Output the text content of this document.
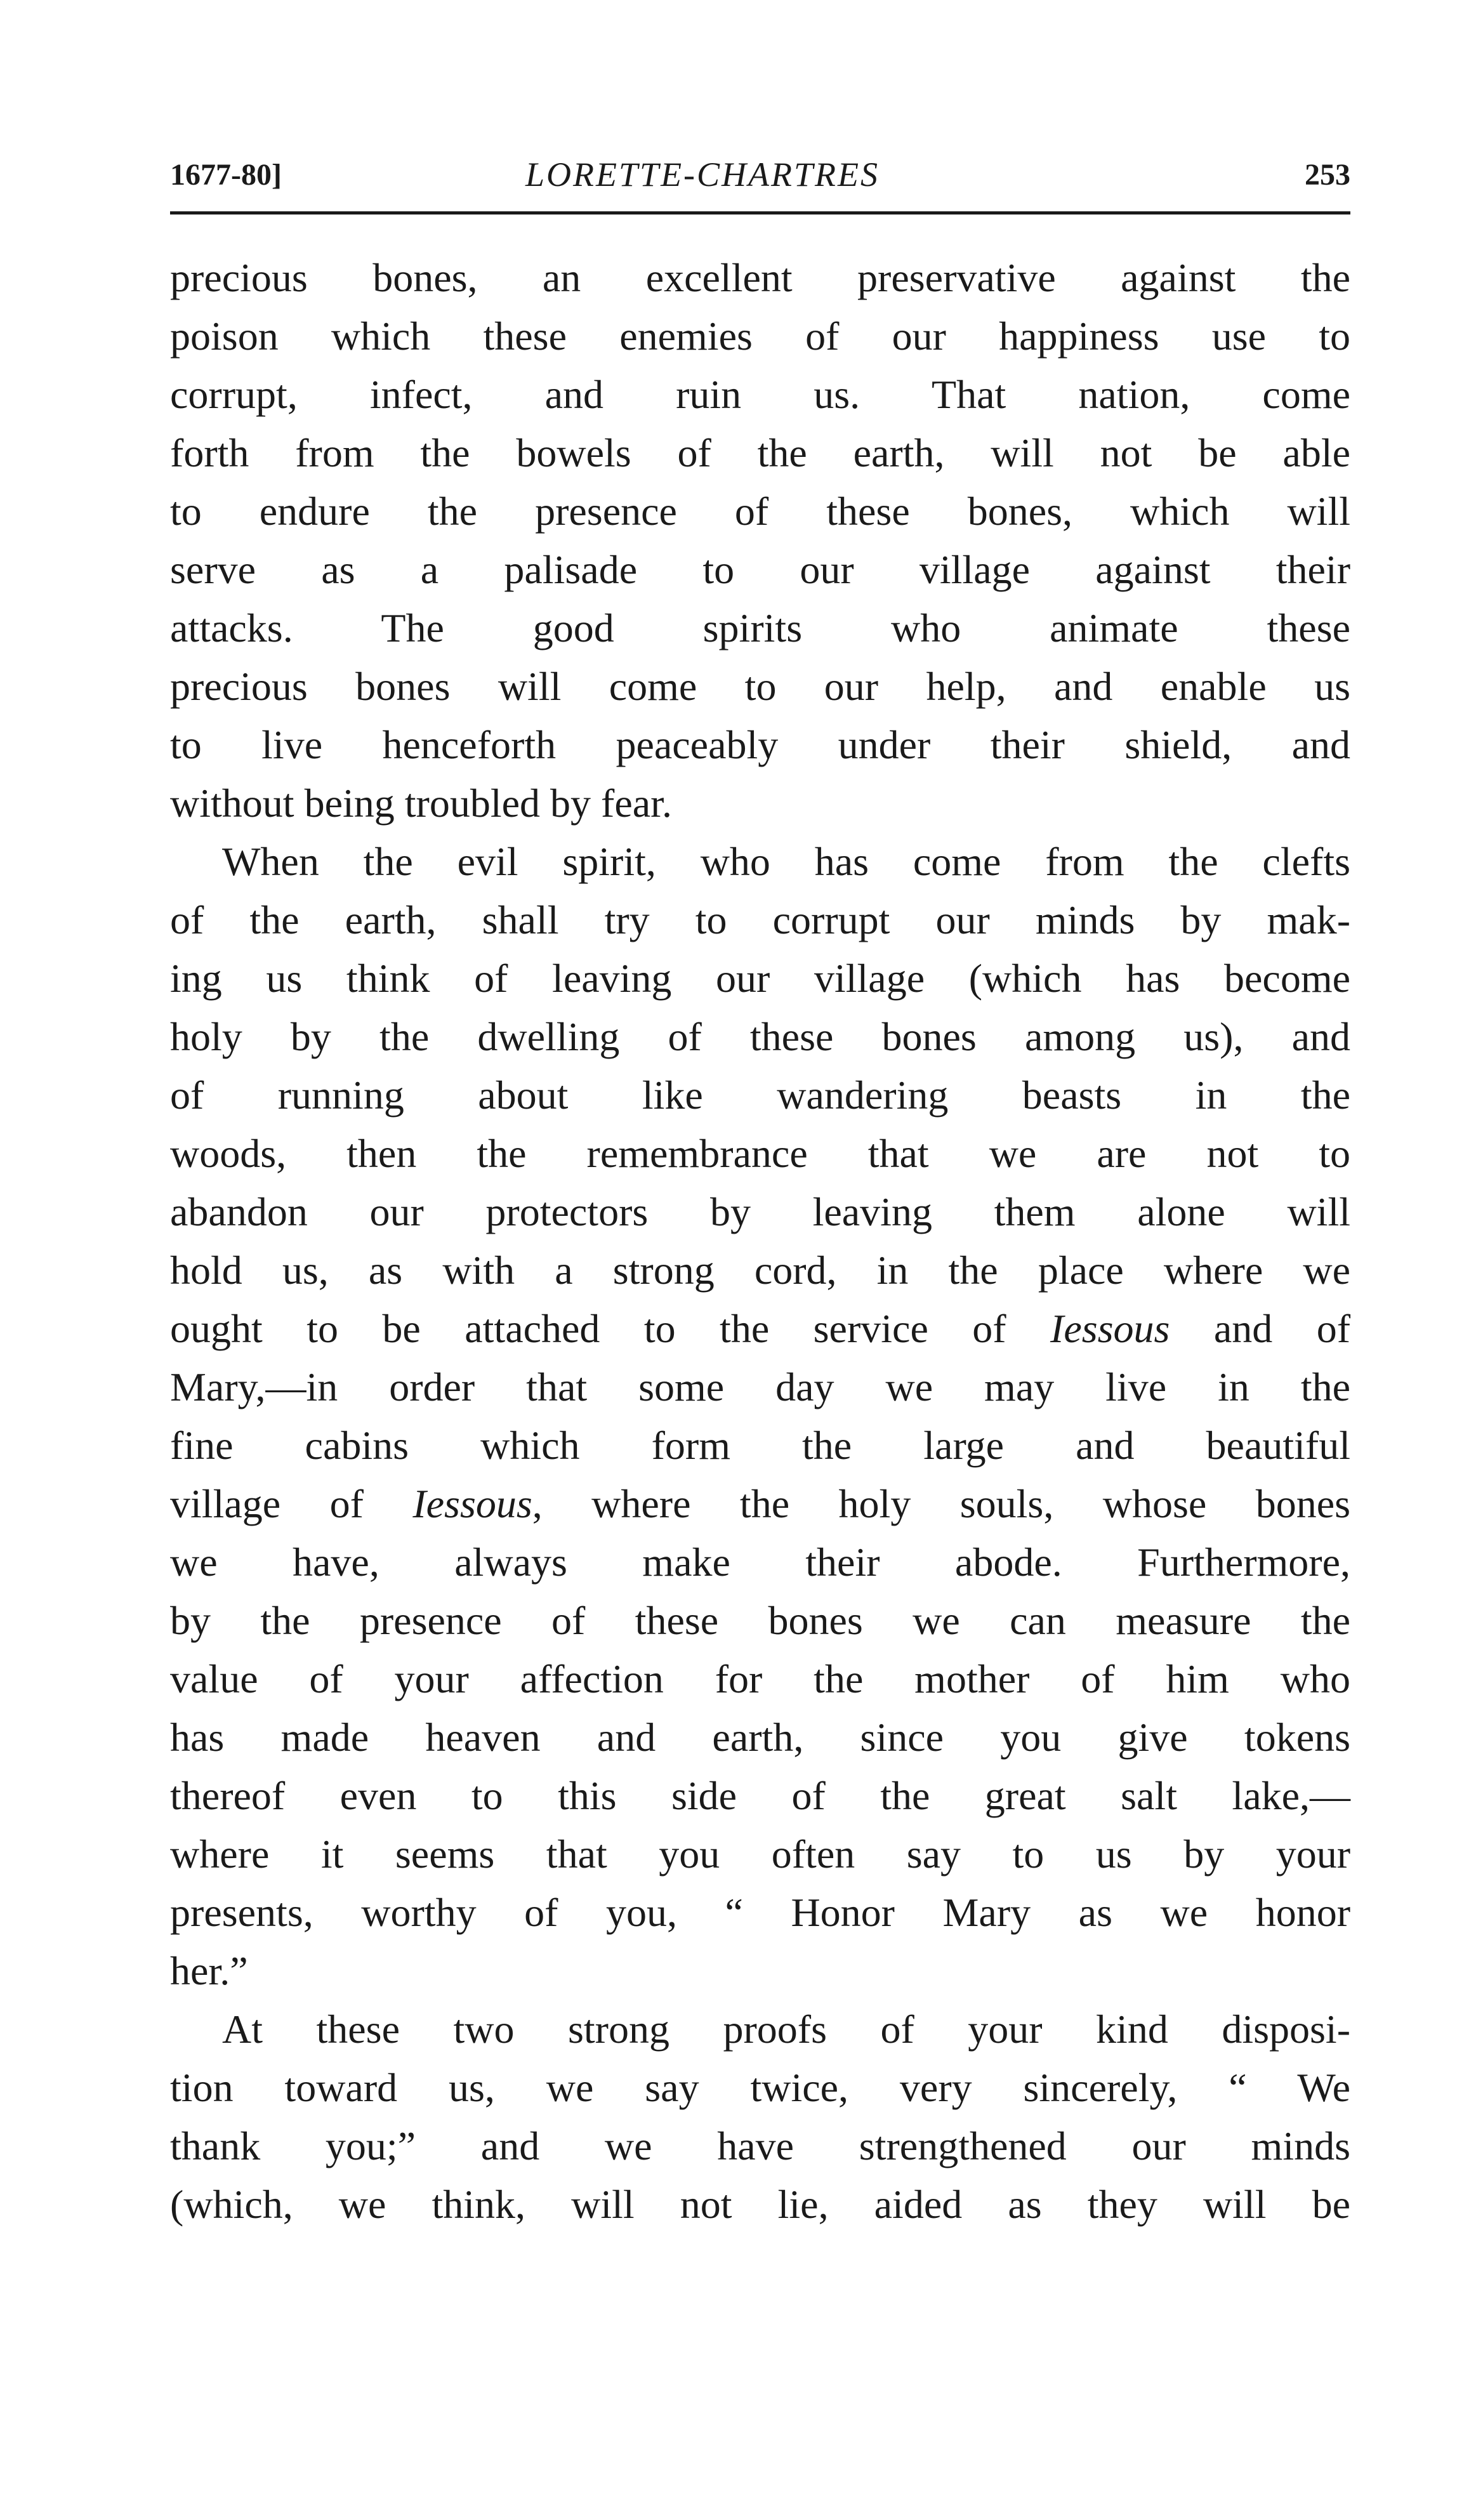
1677-80]	LORETTE-CHARTRES	253
precious bones, an excellent preservative against the
poison which these enemies of our happiness use to
corrupt, infect, and ruin us. That nation, come
forth from the bowels of the earth, will not be able
to endure the presence of these bones, which will
serve as a palisade to our village against their
attacks. The good spirits who animate these
precious bones will come to our help, and enable us
to live henceforth peaceably under their shield, and
without being troubled by fear.
When the evil spirit, who has come from the clefts
of the earth, shall try to corrupt our minds by mak-
ing us think of leaving our village (which has become
holy by the dwelling of these bones among us), and
of running about like wandering beasts in the
woods, then the remembrance that we are not to
abandon our protectors by leaving them alone will
hold us, as with a strong cord, in the place where we
ought to be attached to the service of Iessous and of
Mary,—in order that some day we may live in the
fine cabins which form the large and beautiful
village of Iessous, where the holy souls, whose bones
we have, always make their abode. Furthermore,
by the presence of these bones we can measure the
value of your affection for the mother of him who
has made heaven and earth, since you give tokens
thereof even to this side of the great salt lake,—
where it seems that you often say to us by your
presents, worthy of you, “ Honor Mary as we honor
her.”
At these two strong proofs of your kind disposi-
tion toward us, we say twice, very sincerely, “ We
thank you;” and we have strengthened our minds
(which, we think, will not lie, aided as they will be
